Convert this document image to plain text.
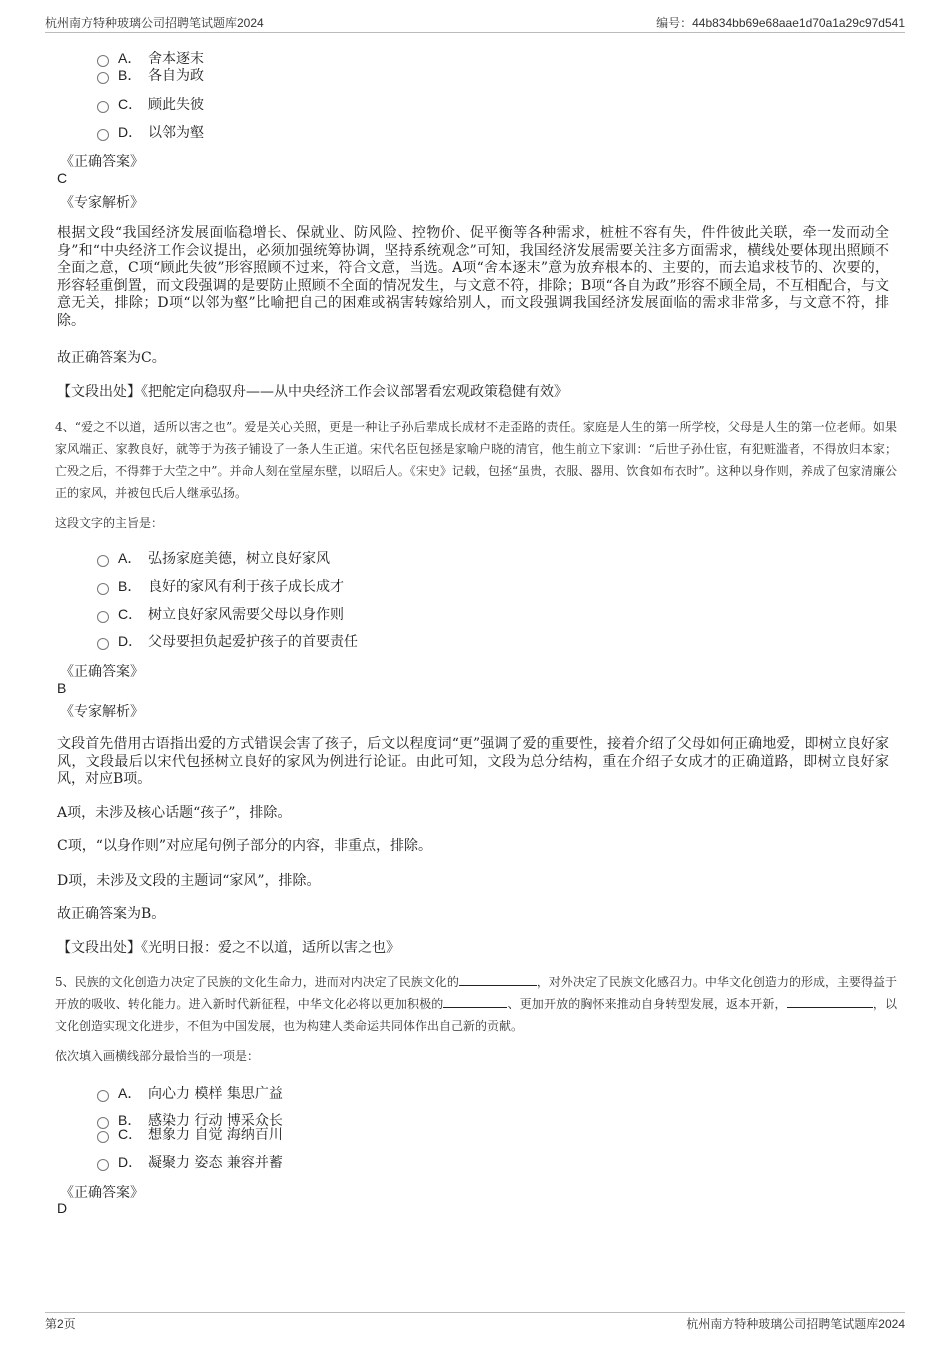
杭州南方特种玻璃公司招聘笔试题库2024	编号：44b834bb69e68aae1d70a1a29c97d541
A． 舍本逐末
B． 各自为政
C． 顾此失彼
D． 以邻为壑
《正确答案》
C
《专家解析》
根据文段“我国经济发展面临稳增长、保就业、防风险、控物价、促平衡等各种需求，桩桩不容有失，件件彼此关联，牵一发而动全身”和“中央经济工作会议提出，必须加强统筹协调，坚持系统观念”可知，我国经济发展需要关注多方面需求，横线处要体现出照顾不全面之意，C项“顾此失彼”形容照顾不过来，符合文意，当选。A项“舍本逐末”意为放弃根本的、主要的，而去追求枝节的、次要的，形容轻重倒置，而文段强调的是要防止照顾不全面的情况发生，与文意不符，排除；B项“各自为政”形容不顾全局，不互相配合，与文意无关，排除；D项“以邻为壑”比喻把自己的困难或祸害转嫁给别人，而文段强调我国经济发展面临的需求非常多，与文意不符，排除。
故正确答案为C。
【文段出处】《把舵定向稳驭舟——从中央经济工作会议部署看宏观政策稳健有效》
4、“爱之不以道，适所以害之也”。爱是关心关照，更是一种让子孙后辈成长成材不走歪路的责任。家庭是人生的第一所学校，父母是人生的第一位老师。如果家风端正、家教良好，就等于为孩子铺设了一条人生正道。宋代名臣包拯是家喻户晓的清官，他生前立下家训：“后世子孙仕宦，有犯赃滥者，不得放归本家；亡殁之后，不得葬于大茔之中”。并命人刻在堂屋东壁，以昭后人。《宋史》记载，包拯“虽贵，衣服、器用、饮食如布衣时”。这种以身作则，养成了包家清廉公正的家风，并被包氏后人继承弘扬。
这段文字的主旨是：
A． 弘扬家庭美德，树立良好家风
B． 良好的家风有利于孩子成长成才
C． 树立良好家风需要父母以身作则
D． 父母要担负起爱护孩子的首要责任
《正确答案》
B
《专家解析》
文段首先借用古语指出爱的方式错误会害了孩子，后文以程度词“更”强调了爱的重要性，接着介绍了父母如何正确地爱，即树立良好家风，文段最后以宋代包拯树立良好的家风为例进行论证。由此可知，文段为总分结构，重在介绍子女成才的正确道路，即树立良好家风，对应B项。
A项，未涉及核心话题“孩子”，排除。
C项，“以身作则”对应尾句例子部分的内容，非重点，排除。
D项，未涉及文段的主题词“家风”，排除。
故正确答案为B。
【文段出处】《光明日报：爱之不以道，适所以害之也》
5、民族的文化创造力决定了民族的文化生命力，进而对内决定了民族文化的	，对外决定了民族文化感召力。中华文化创造力的形成，主要得益于开放的吸收、转化能力。进入新时代新征程，中华文化必将以更加积极的	、更加开放的胸怀来推动自身转型发展，返本开新，	，以文化创造实现文化进步，不但为中国发展，也为构建人类命运共同体作出自己新的贡献。
依次填入画横线部分最恰当的一项是：
A． 向心力 模样 集思广益
B． 感染力 行动 博采众长
C． 想象力 自觉 海纳百川
D． 凝聚力 姿态 兼容并蓄
《正确答案》
D
第2页	杭州南方特种玻璃公司招聘笔试题库2024
